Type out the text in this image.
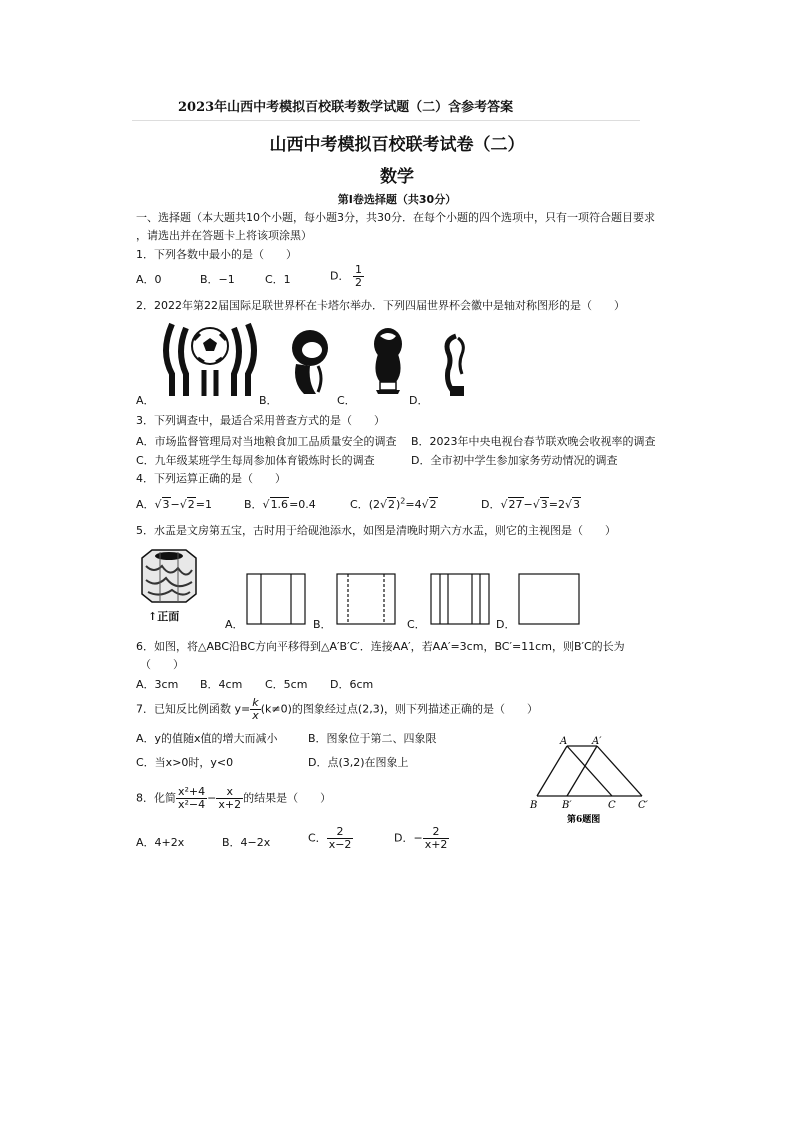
2023年山西中考模拟百校联考数学试题（二）含参考答案
山西中考模拟百校联考试卷（二）
数学
第Ⅰ卷选择题（共30分）
一、选择题（本大题共10个小题，每小题3分，共30分．在每个小题的四个选项中，只有一项符合题目要求
，请选出并在答题卡上将该项涂黑）
1．下列各数中最小的是（　　）
A．0	B．−1	C．1	D． $\frac{1}{2}$
2．2022年第22届国际足联世界杯在卡塔尔举办．下列四届世界杯会徽中是轴对称图形的是（　　）
A．	B．	C．	D．
3．下列调查中，最适合采用普查方式的是（　　）
A．市场监督管理局对当地粮食加工品质量安全的调查 B．2023年中央电视台春节联欢晚会收视率的调查
C．九年级某班学生每周参加体育锻炼时长的调查	D．全市初中学生参加家务劳动情况的调查
4．下列运算正确的是（　　）
A．√3−√2=1	B．√1.6=0.4	C．$(2√2)^2=4√2$	D．√27−√3=2√3
5．水盂是文房第五宝，古时用于给砚池添水，如图是清晚时期六方水盂，则它的主视图是（　　）
↑正面
A．	B．	C．	D．
6．如图，将△ABC沿BC方向平移得到△A′B′C′．连接AA′，若AA′=3cm，BC′=11cm，则B′C的长为
（　　）
A．3cm B．4cm C．5cm D．6cm
A A′
B B′	C C′
第6题图
7．已知反比例函数 $y= \frac{k}{x} (k\ne 0)$的图象经过点(2,3)，则下列描述正确的是（　　）
A．y的值随x值的增大而减小	B．图象位于第二、四象限
C．当x>0时，y<0	D．点(3,2)在图象上
8．化简 $\frac{\text{x²+4}}{\text{x²−4}} - \frac{x}{x+2}$ 的结果是（　　）
A．4+2x	B．4−2x	C． $\frac{2}{x-2}$	D．− $\frac{2}{x+2}$
